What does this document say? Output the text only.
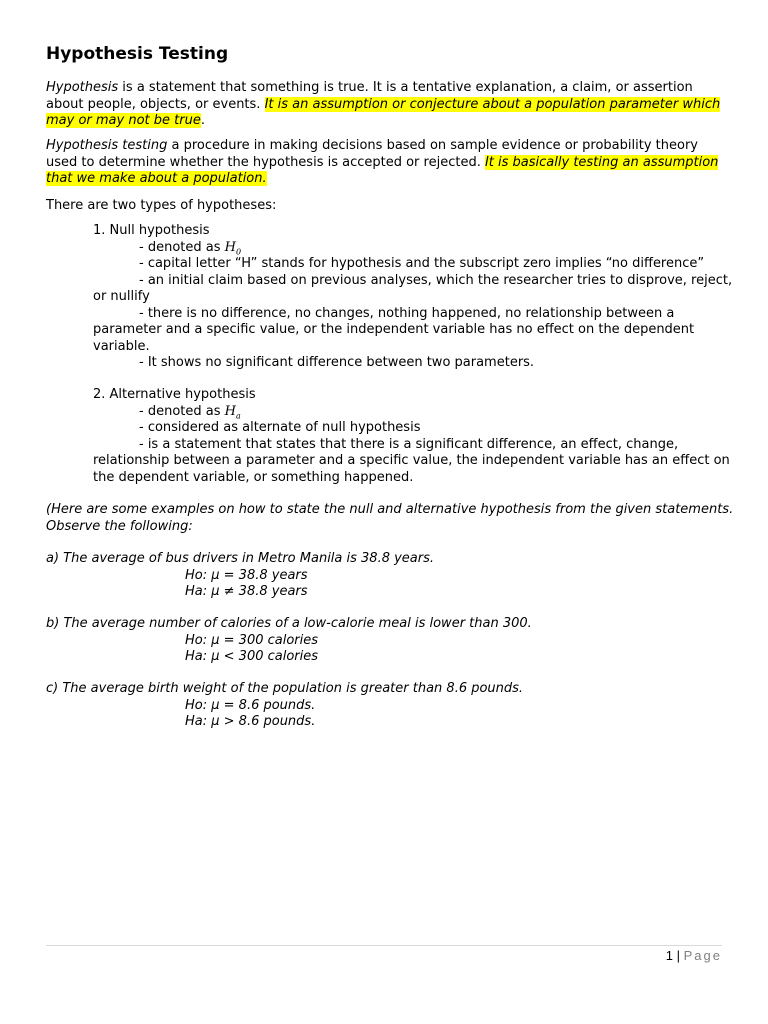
Hypothesis Testing

Hypothesis is a statement that something is true. It is a tentative explanation, a claim, or assertion about people, objects, or events. It is an assumption or conjecture about a population parameter which may or may not be true.

Hypothesis testing a procedure in making decisions based on sample evidence or probability theory used to determine whether the hypothesis is accepted or rejected. It is basically testing an assumption that we make about a population.

There are two types of hypotheses:

1. Null hypothesis
- denoted as $H_0$
- capital letter “H” stands for hypothesis and the subscript zero implies “no difference”
- an initial claim based on previous analyses, which the researcher tries to disprove, reject,
or nullify
- there is no difference, no changes, nothing happened, no relationship between a
parameter and a specific value, or the independent variable has no effect on the dependent
variable.
- It shows no significant difference between two parameters.
2. Alternative hypothesis
- denoted as $H_a$
- considered as alternate of null hypothesis
- is a statement that states that there is a significant difference, an effect, change,
relationship between a parameter and a specific value, the independent variable has an effect on
the dependent variable, or something happened.
(Here are some examples on how to state the null and alternative hypothesis from the given statements.
Observe the following:
a) The average of bus drivers in Metro Manila is 38.8 years.
Ho: μ = 38.8 years
Ha: μ ≠ 38.8 years
b) The average number of calories of a low-calorie meal is lower than 300.
Ho: μ = 300 calories
Ha: μ < 300 calories
c) The average birth weight of the population is greater than 8.6 pounds.
Ho: μ = 8.6 pounds.
Ha: μ > 8.6 pounds.
1 | Page
